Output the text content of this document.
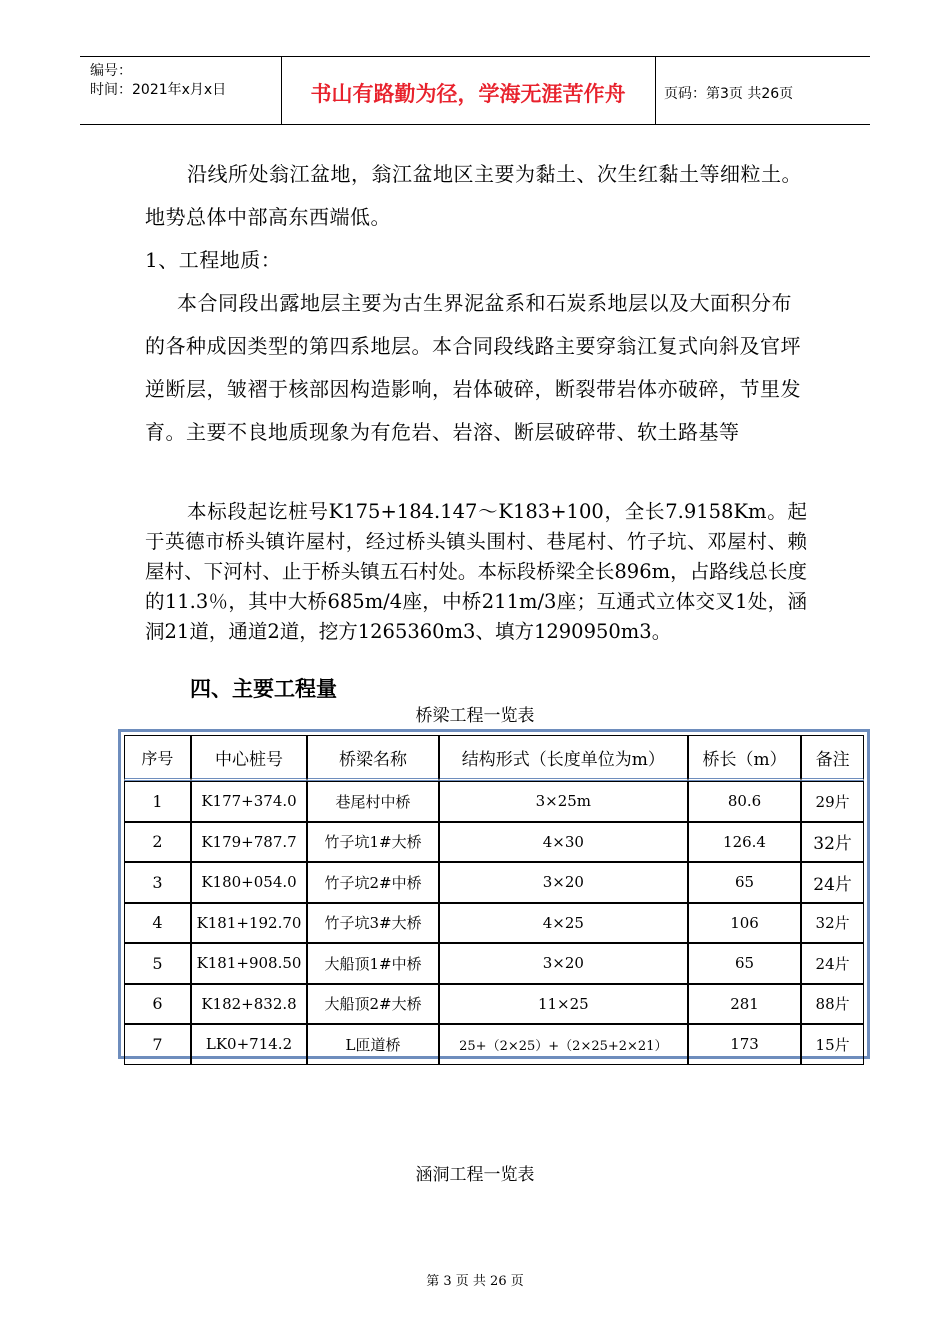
编号：
时间：2021年x月x日	书山有路勤为径，学海无涯苦作舟	页码：第3页 共26页

沿线所处翁江盆地，翁江盆地区主要为黏土、次生红黏土等细粒土。地势总体中部高东西端低。

1、工程地质：

本合同段出露地层主要为古生界泥盆系和石炭系地层以及大面积分布的各种成因类型的第四系地层。本合同段线路主要穿翁江复式向斜及官坪逆断层，皱褶于核部因构造影响，岩体破碎，断裂带岩体亦破碎，节里发育。主要不良地质现象为有危岩、岩溶、断层破碎带、软土路基等

本标段起讫桩号K175+184.147～K183+100，全长7.9158Km。起于英德市桥头镇许屋村，经过桥头镇头围村、巷尾村、竹子坑、邓屋村、赖屋村、下河村、止于桥头镇五石村处。本标段桥梁全长896m，占路线总长度的11.3％，其中大桥685m/4座，中桥211m/3座；互通式立体交叉1处，涵洞21道，通道2道，挖方1265360m3、填方1290950m3。

四、主要工程量
桥梁工程一览表
序号	中心桩号	桥梁名称	结构形式（长度单位为m）	桥长（m）	备注
1	K177+374.0	巷尾村中桥	3×25m	80.6	29片
2	K179+787.7	竹子坑1#大桥	4×30	126.4	32片
3	K180+054.0	竹子坑2#中桥	3×20	65	24片
4	K181+192.70	竹子坑3#大桥	4×25	106	32片
5	K181+908.50	大船顶1#中桥	3×20	65	24片
6	K182+832.8	大船顶2#大桥	11×25	281	88片
7	LK0+714.2	L匝道桥	25+（2×25）+（2×25+2×21）	173	15片
涵洞工程一览表
第 3 页 共 26 页
